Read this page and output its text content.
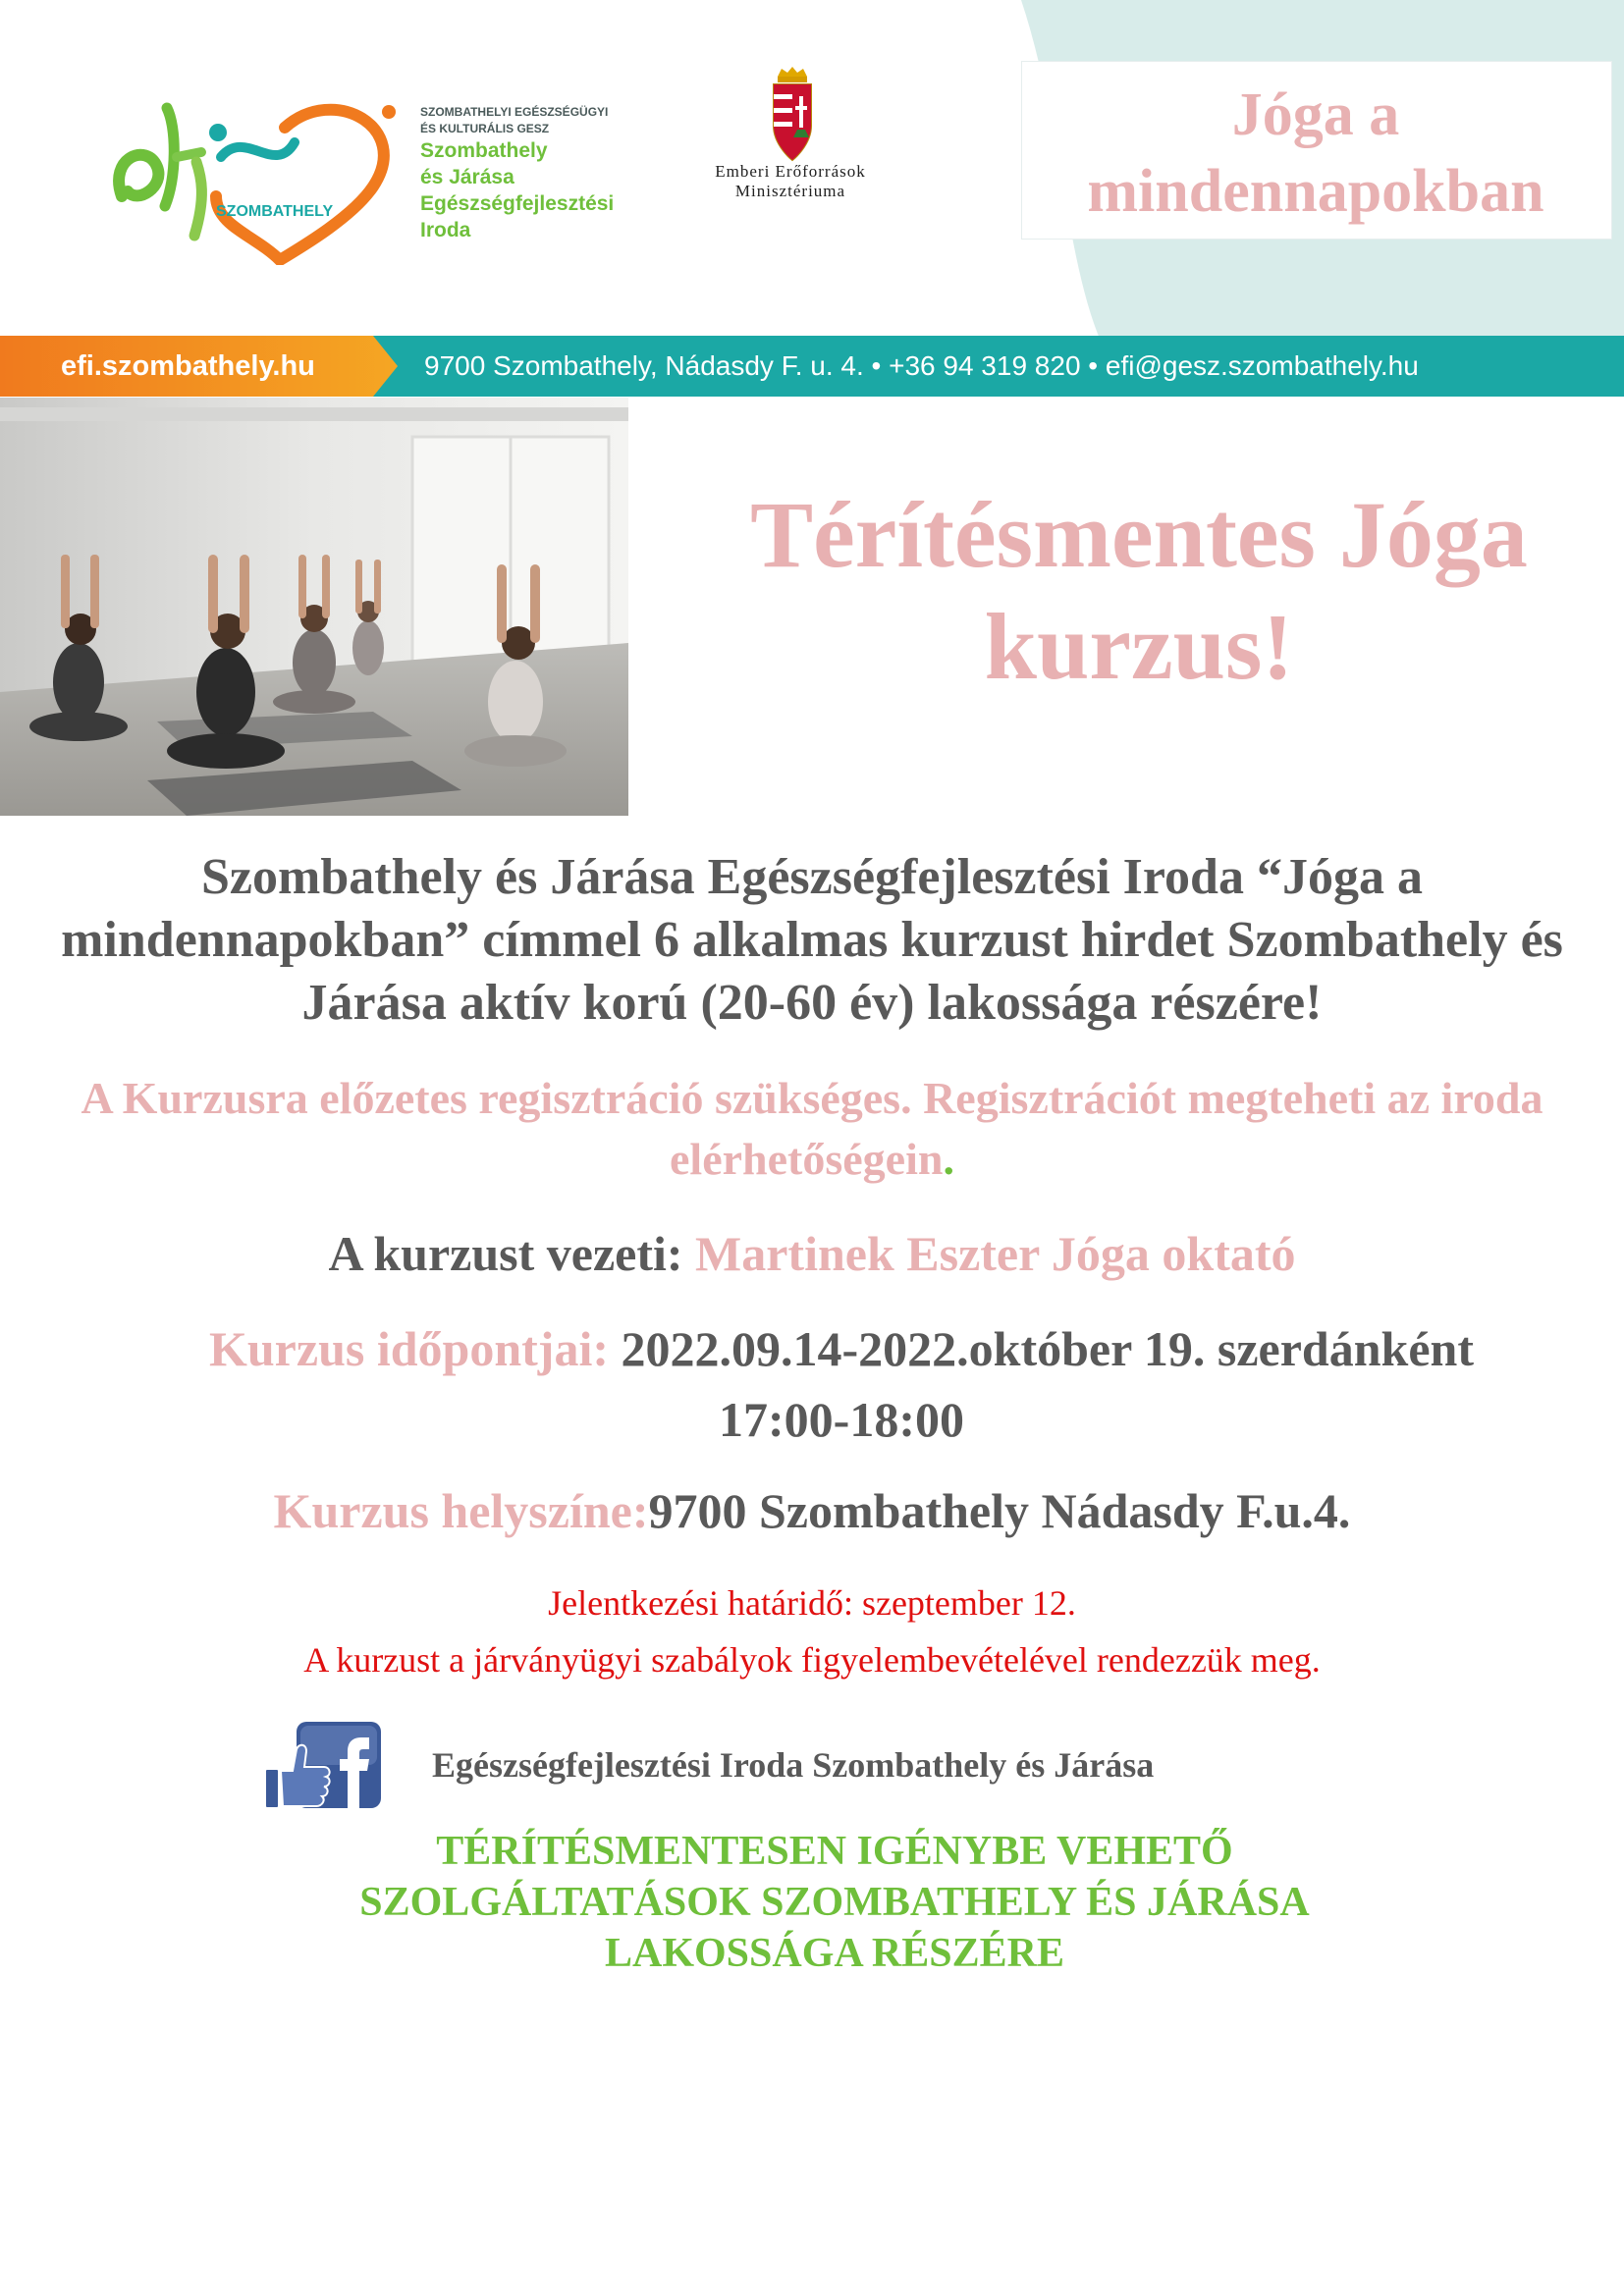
Jóga a mindennapokban
SZOMBATHELY
SZOMBATHELYI EGÉSZSÉGÜGYI
ÉS KULTURÁLIS GESZ
Szombathely
és Járása
Egészségfejlesztési
Iroda
Emberi Erőforrások
Minisztériuma
efi.szombathely.hu	9700 Szombathely, Nádasdy F. u. 4. • +36 94 319 820 • efi@gesz.szombathely.hu
Térítésmentes Jóga kurzus!
Szombathely és Járása Egészségfejlesztési Iroda “Jóga a mindennapokban” címmel 6 alkalmas kurzust hirdet Szombathely és Járása aktív korú (20-60 év) lakossága részére!
A Kurzusra előzetes regisztráció szükséges. Regisztrációt megteheti az iroda elérhetőségein.
A kurzust vezeti: Martinek Eszter Jóga oktató
Kurzus időpontjai: 2022.09.14-2022.október 19. szerdánként
17:00-18:00
Kurzus helyszíne:9700 Szombathely Nádasdy F.u.4.
Jelentkezési határidő: szeptember 12.
A kurzust a járványügyi szabályok figyelembevételével rendezzük meg.
Egészségfejlesztési Iroda Szombathely és Járása
TÉRÍTÉSMENTESEN IGÉNYBE VEHETŐ
SZOLGÁLTATÁSOK SZOMBATHELY ÉS JÁRÁSA
LAKOSSÁGA RÉSZÉRE
